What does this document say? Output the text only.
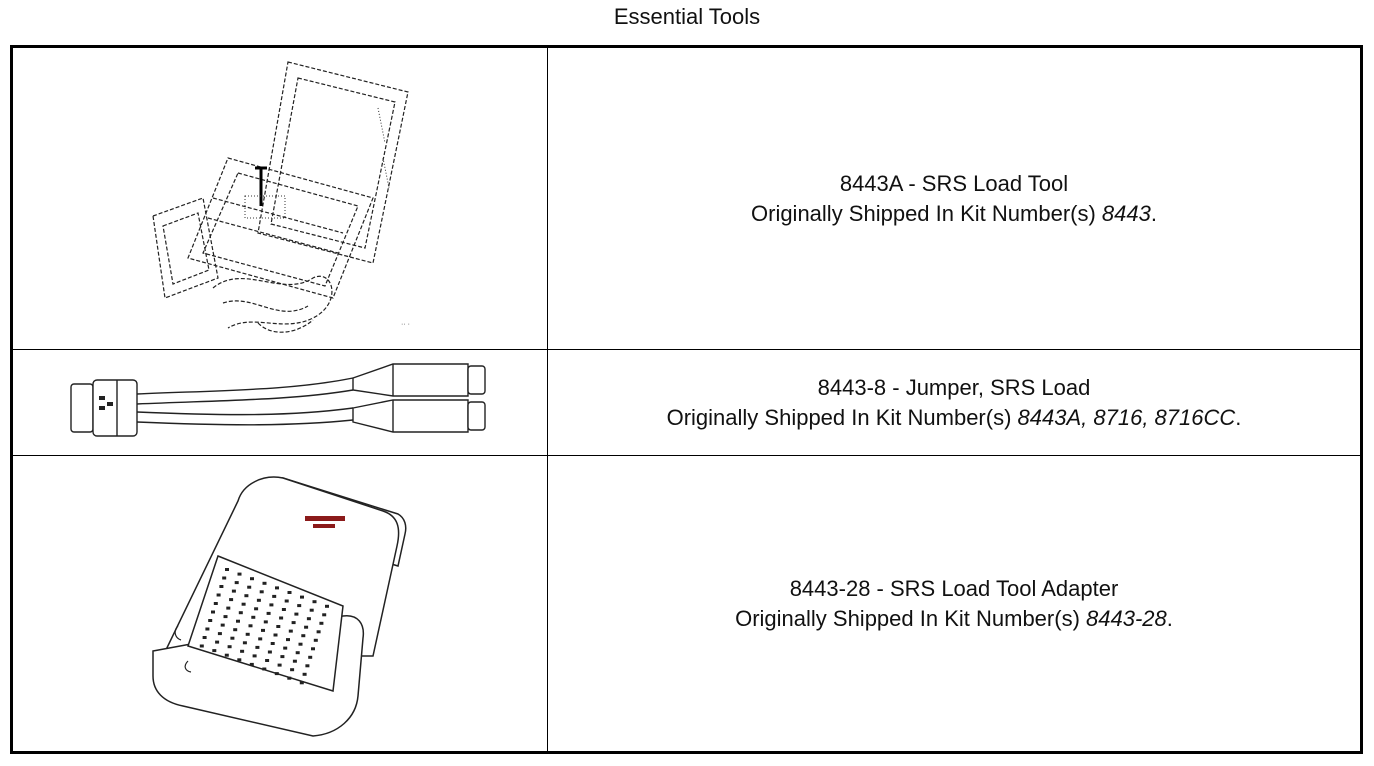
Essential Tools
·· ·
8443A - SRS Load Tool
Originally Shipped In Kit Number(s) 8443.
8443-8 - Jumper, SRS Load
Originally Shipped In Kit Number(s) 8443A, 8716, 8716CC.
8443-28 - SRS Load Tool Adapter
Originally Shipped In Kit Number(s) 8443-28.
